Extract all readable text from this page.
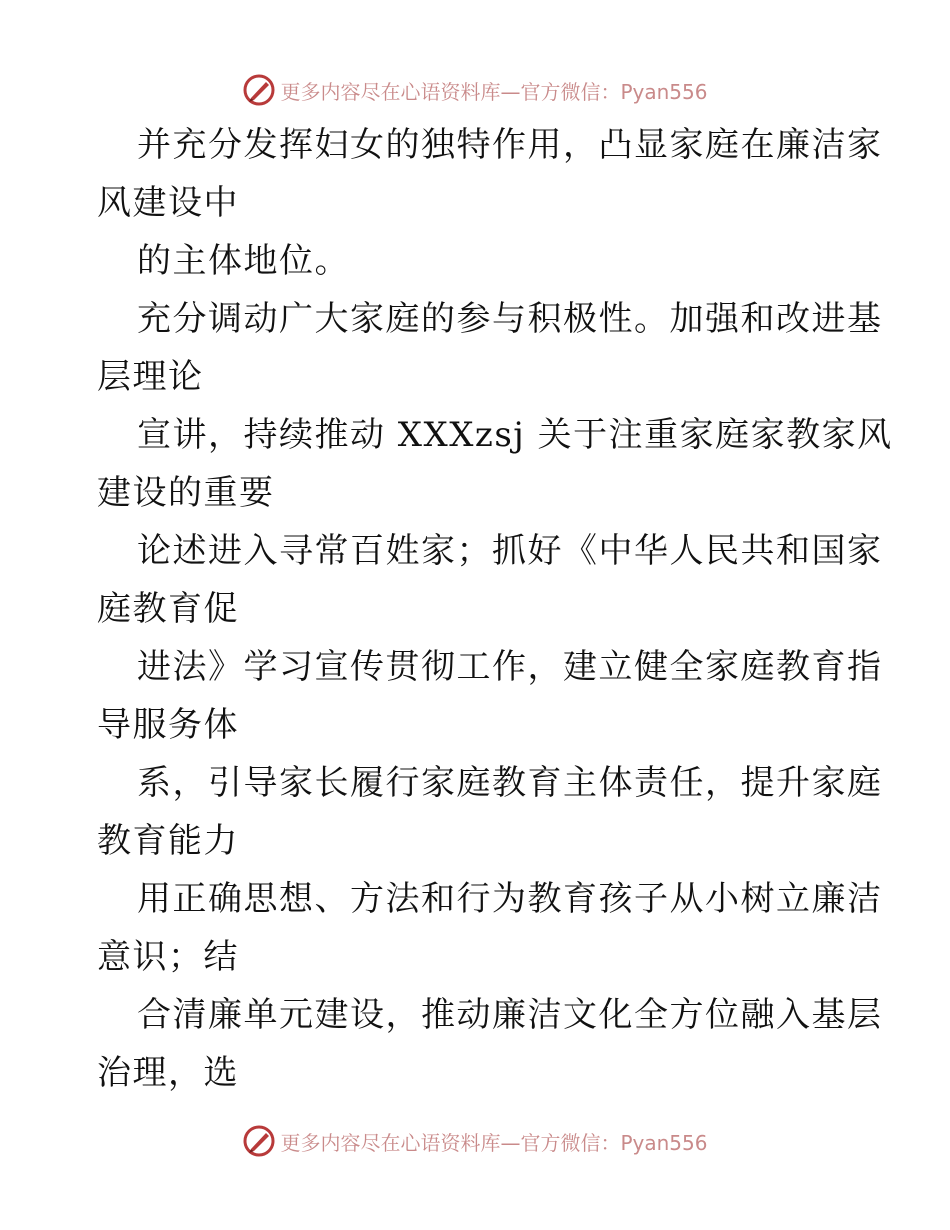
更多内容尽在心语资料库—官方微信：Pyan556
并充分发挥妇女的独特作用，凸显家庭在廉洁家
风建设中
的主体地位。
充分调动广大家庭的参与积极性。加强和改进基
层理论
宣讲，持续推动 XXXzsj 关于注重家庭家教家风
建设的重要
论述进入寻常百姓家；抓好《中华人民共和国家
庭教育促
进法》学习宣传贯彻工作，建立健全家庭教育指
导服务体
系，引导家长履行家庭教育主体责任，提升家庭
教育能力
用正确思想、方法和行为教育孩子从小树立廉洁
意识；结
合清廉单元建设，推动廉洁文化全方位融入基层
治理，选
更多内容尽在心语资料库—官方微信：Pyan556
